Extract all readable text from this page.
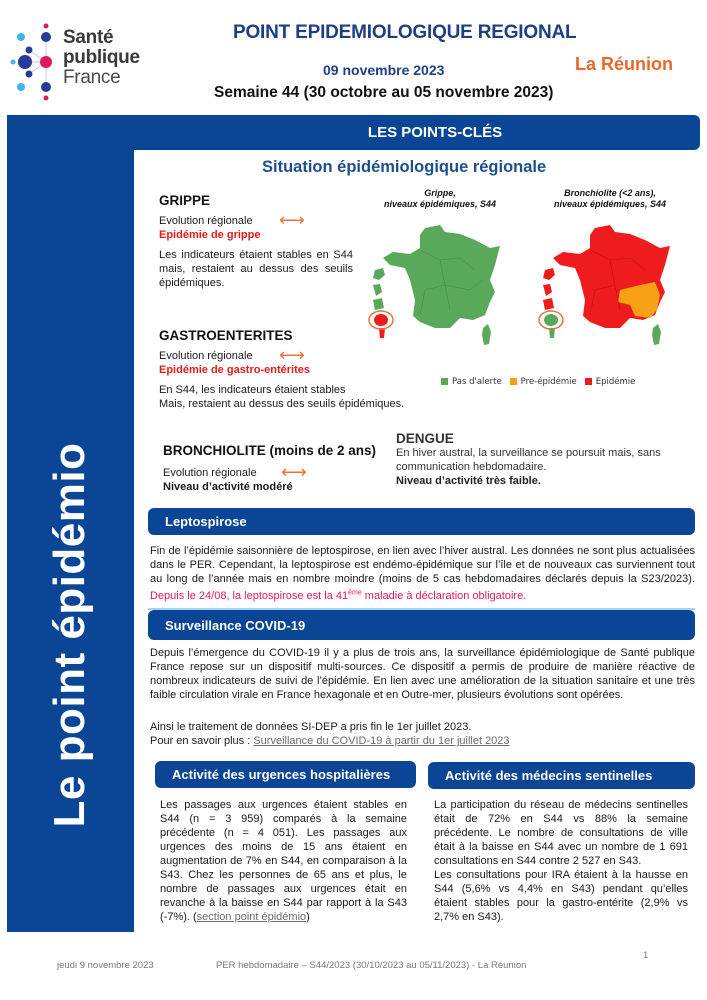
Santé
publique
France
POINT EPIDEMIOLOGIQUE REGIONAL
09 novembre 2023	La Réunion
Semaine 44 (30 octobre au 05 novembre 2023)
Le point épidémio
LES POINTS-CLÉS
Situation épidémiologique régionale
GRIPPE
Evolution régionale ⟷
Epidémie de grippe
Les indicateurs étaient stables en S44 mais, restaient au dessus des seuils épidémiques.
GASTROENTERITES
Evolution régionale ⟷
Epidémie de gastro-entérites
En S44, les indicateurs étaient stables
Mais, restaient au dessus des seuils épidémiques.
BRONCHIOLITE (moins de 2 ans)
Evolution régionale ⟷
Niveau d’activité modéré
DENGUE
En hiver austral, la surveillance se poursuit mais, sans communication hebdomadaire.
Niveau d’activité très faible.
Grippe,
niveaux épidémiques, S44
Bronchiolite (<2 ans),
niveaux épidémiques, S44
Pas d'alerte	Pre-épidémie	Epidémie
Leptospirose
Fin de l’épidémie saisonnière de leptospirose, en lien avec l’hiver austral. Les données ne sont plus actualisées dans le PER. Cependant, la leptospirose est endémo-épidémique sur l’île et de nouveaux cas surviennent tout au long de l’année mais en nombre moindre (moins de 5 cas hebdomadaires déclarés depuis la S23/2023). Depuis le 24/08, la leptospirose est la 41ème maladie à déclaration obligatoire.
Surveillance COVID-19
Depuis l’émergence du COVID-19 il y a plus de trois ans, la surveillance épidémiologique de Santé publique France repose sur un dispositif multi-sources. Ce dispositif a permis de produire de manière réactive de nombreux indicateurs de suivi de l’épidémie. En lien avec une amélioration de la situation sanitaire et une très faible circulation virale en France hexagonale et en Outre-mer, plusieurs évolutions sont opérées.
Ainsi le traitement de données SI-DEP a pris fin le 1er juillet 2023.
Pour en savoir plus : Surveillance du COVID-19 à partir du 1er juillet 2023
Activité des urgences hospitalières
Les passages aux urgences étaient stables en S44 (n = 3 959) comparés à la semaine précédente (n = 4 051). Les passages aux urgences des moins de 15 ans étaient en augmentation de 7% en S44, en comparaison à la S43. Chez les personnes de 65 ans et plus, le nombre de passages aux urgences était en revanche à la baisse en S44 par rapport à la S43 (-7%). (section point épidémio)
Activité des médecins sentinelles
La participation du réseau de médecins sentinelles était de 72% en S44 vs 88% la semaine précédente. Le nombre de consultations de ville était à la baisse en S44 avec un nombre de 1 691 consultations en S44 contre 2 527 en S43.
Les consultations pour IRA étaient à la hausse en S44 (5,6% vs 4,4% en S43) pendant qu’elles étaient stables pour la gastro-entérite (2,9% vs 2,7% en S43).
jeudi 9 novembre 2023	PER hebdomadaire – S44/2023 (30/10/2023 au 05/11/2023) - La Réunion
1
